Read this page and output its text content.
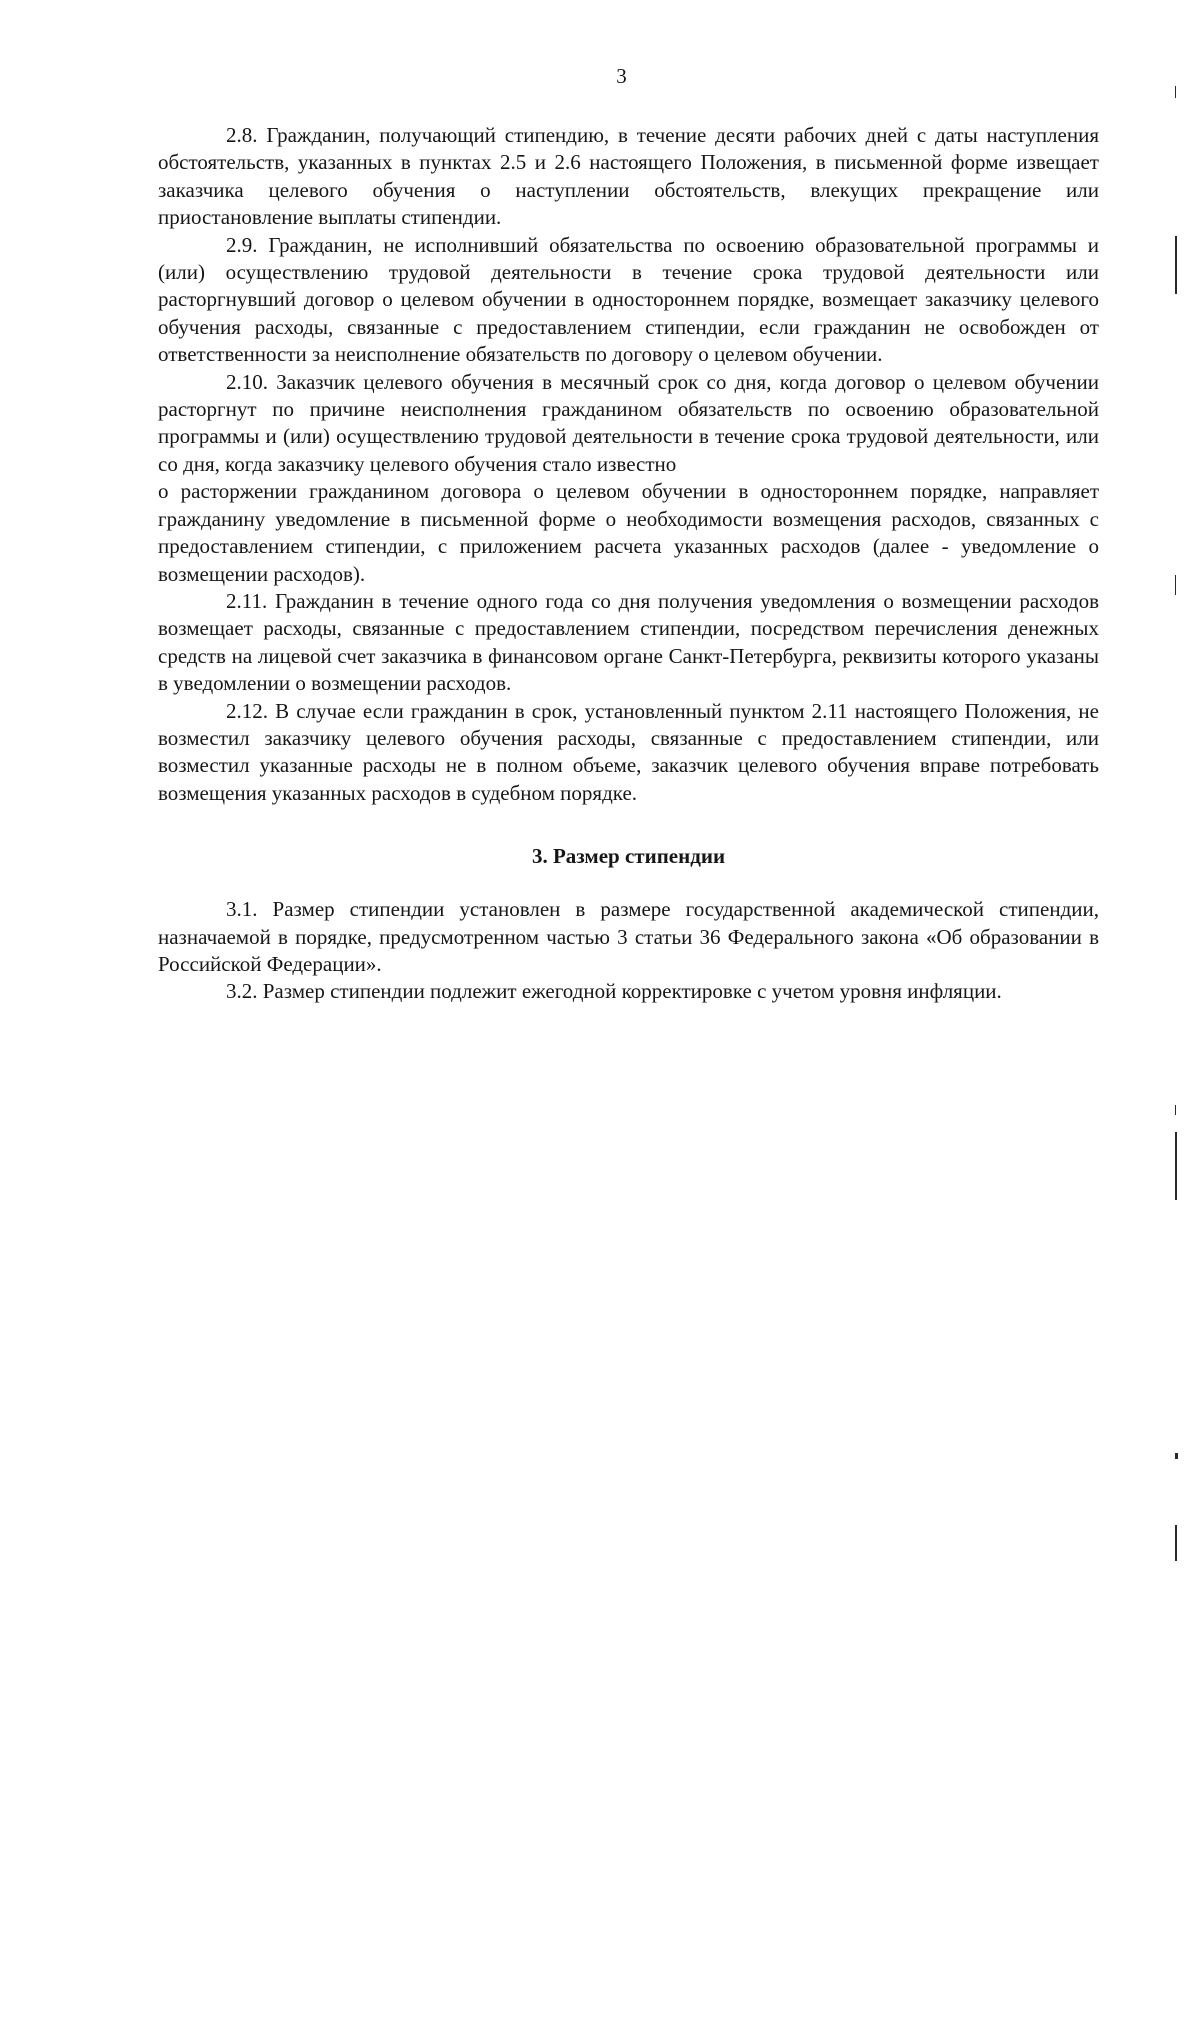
3

2.8. Гражданин, получающий стипендию, в течение десяти рабочих дней с даты наступления обстоятельств, указанных в пунктах 2.5 и 2.6 настоящего Положения, в письменной форме извещает заказчика целевого обучения о наступлении обстоятельств, влекущих прекращение или приостановление выплаты стипендии.

2.9. Гражданин, не исполнивший обязательства по освоению образовательной программы и (или) осуществлению трудовой деятельности в течение срока трудовой деятельности или расторгнувший договор о целевом обучении в одностороннем порядке, возмещает заказчику целевого обучения расходы, связанные с предоставлением стипендии, если гражданин не освобожден от ответственности за неисполнение обязательств по договору о целевом обучении.

2.10. Заказчик целевого обучения в месячный срок со дня, когда договор о целевом обучении расторгнут по причине неисполнения гражданином обязательств по освоению образовательной программы и (или) осуществлению трудовой деятельности в течение срока трудовой деятельности, или со дня, когда заказчику целевого обучения стало известно

о расторжении гражданином договора о целевом обучении в одностороннем порядке, направляет гражданину уведомление в письменной форме о необходимости возмещения расходов, связанных с предоставлением стипендии, с приложением расчета указанных расходов (далее - уведомление о возмещении расходов).

2.11. Гражданин в течение одного года со дня получения уведомления о возмещении расходов возмещает расходы, связанные с предоставлением стипендии, посредством перечисления денежных средств на лицевой счет заказчика в финансовом органе Санкт-Петербурга, реквизиты которого указаны в уведомлении о возмещении расходов.

2.12. В случае если гражданин в срок, установленный пунктом 2.11 настоящего Положения, не возместил заказчику целевого обучения расходы, связанные с предоставлением стипендии, или возместил указанные расходы не в полном объеме, заказчик целевого обучения вправе потребовать возмещения указанных расходов в судебном порядке.

3. Размер стипендии

3.1. Размер стипендии установлен в размере государственной академической стипендии, назначаемой в порядке, предусмотренном частью 3 статьи 36 Федерального закона «Об образовании в Российской Федерации».

3.2. Размер стипендии подлежит ежегодной корректировке с учетом уровня инфляции.
